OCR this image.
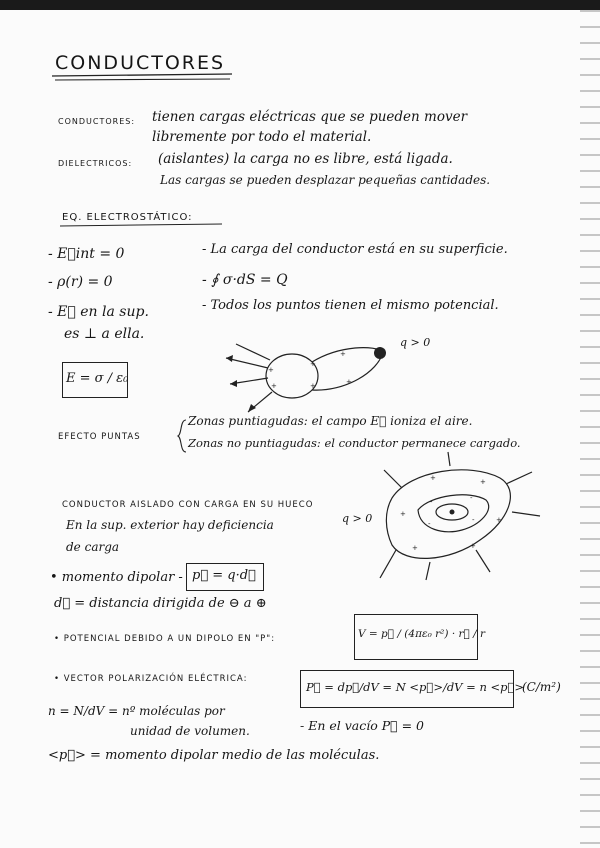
CONDUCTORES
CONDUCTORES: tienen cargas eléctricas que se pueden mover libremente por todo el material.
DIELECTRICOS: (aislantes) la carga no es libre, está ligada.
Las cargas se pueden desplazar pequeñas cantidades.
EQ. ELECTROSTÁTICO:
- E⃗int = 0
- ρ(r) = 0
- E⃗ en la sup.
es ⊥ a ella.
- La carga del conductor está en su superficie.
- ∮ σ·dS = Q
- Todos los puntos tienen el mismo potencial.
E = σ / ε₀
+
+
+
+
+
+
q > 0
EFECTO PUNTAS
Zonas puntiagudas: el campo E⃗ ioniza el aire.
Zonas no puntiagudas: el conductor permanece cargado.
CONDUCTOR AISLADO CON CARGA EN SU HUECO
En la sup. exterior hay deficiencia
de carga
q > 0	+
+	+
+
+
+
-	-
-
-
• momento dipolar - p⃗ = q·d⃗
d⃗ = distancia dirigida de ⊖ a ⊕
• POTENCIAL DEBIDO A UN DIPOLO EN "P":	V = p⃗ / (4πε₀ r²) · r⃗ / r
• VECTOR POLARIZACIÓN ELÉCTRICA:
P⃗ = dp⃗/dV = N <p⃗>/dV = n <p⃗>
(C/m²)
n = N/dV = nº moléculas por
unidad de volumen.	- En el vacío P⃗ = 0
<p⃗> = momento dipolar medio de las moléculas.
